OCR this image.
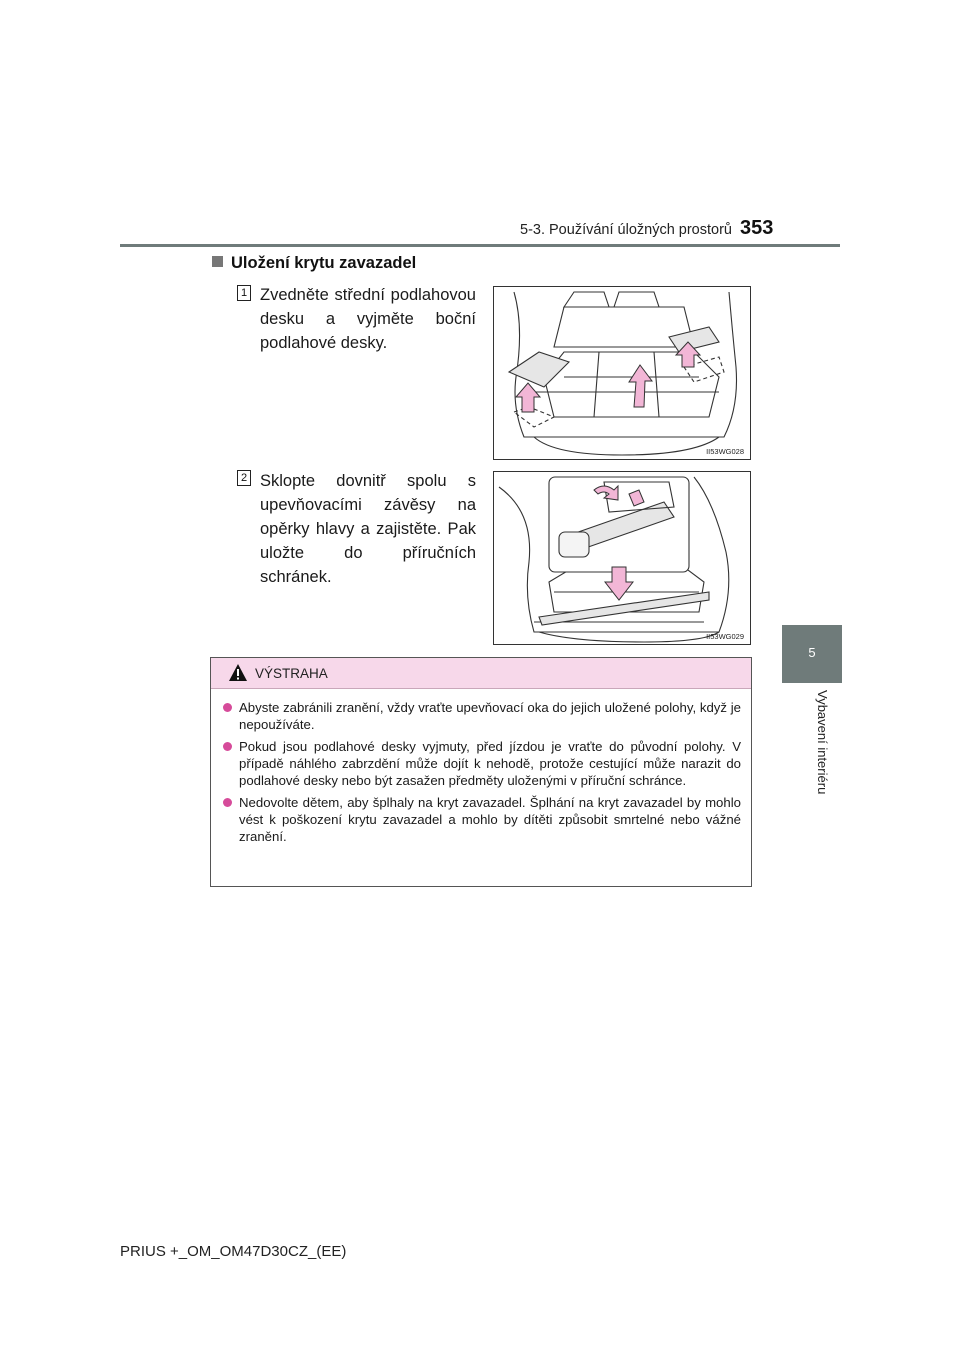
5-3. Používání úložných prostorů 353
5
Vybavení interiéru
Uložení krytu zavazadel
1 Zvedněte střední podlahovou desku a vyjměte boční podlahové desky.
II53WG028
2 Sklopte dovnitř spolu s upevňovacími závěsy na opěrky hlavy a zajistěte. Pak uložte do příručních schránek.
II53WG029
VÝSTRAHA
Abyste zabránili zranění, vždy vraťte upevňovací oka do jejich uložené polohy, když je nepoužíváte.
Pokud jsou podlahové desky vyjmuty, před jízdou je vraťte do původní polohy. V případě náhlého zabrzdění může dojít k nehodě, protože cestující může narazit do podlahové desky nebo být zasažen předměty uloženými v příruční schránce.
Nedovolte dětem, aby šplhaly na kryt zavazadel. Šplhání na kryt zavazadel by mohlo vést k poškození krytu zavazadel a mohlo by dítěti způsobit smrtelné nebo vážné zranění.
PRIUS +_OM_OM47D30CZ_(EE)
